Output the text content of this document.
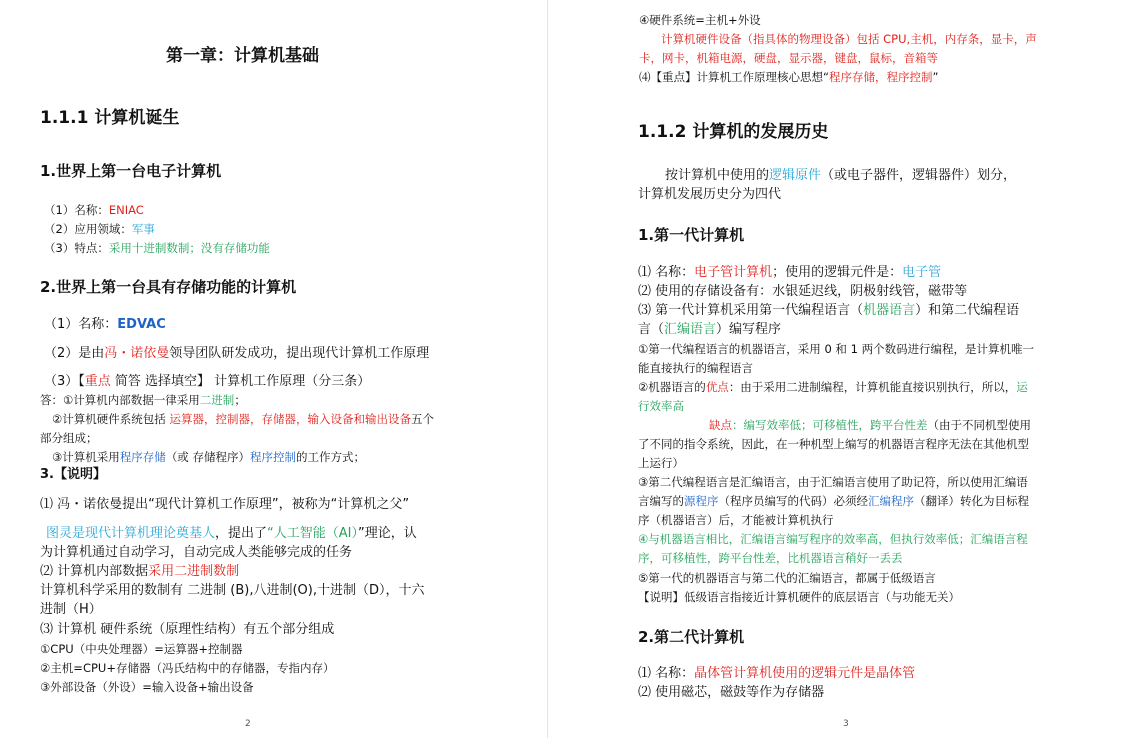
第一章：计算机基础
1.1.1 计算机诞生
1.世界上第一台电子计算机
（1）名称：ENIAC
（2）应用领域：军事
（3）特点：采用十进制数制；没有存储功能
2.世界上第一台具有存储功能的计算机
（1）名称：EDVAC
（2）是由冯・诺依曼领导团队研发成功，提出现代计算机工作原理
（3）【重点 简答 选择填空】 计算机工作原理（分三条）
答：①计算机内部数据一律采用二进制；
②计算机硬件系统包括 运算器，控制器，存储器，输入设备和输出设备五个
部分组成；
③计算机采用程序存储（或 存储程序）程序控制的工作方式；
3.【说明】
⑴ 冯・诺依曼提出“现代计算机工作原理”，被称为“计算机之父”
图灵是现代计算机理论奠基人，提出了“人工智能（AI）”理论，认
为计算机通过自动学习，自动完成人类能够完成的任务
⑵ 计算机内部数据采用二进制数制
计算机科学采用的数制有 二进制 (B),八进制(O),十进制（D），十六
进制（H）
⑶ 计算机 硬件系统（原理性结构）有五个部分组成
①CPU（中央处理器）=运算器+控制器
②主机=CPU+存储器（冯氏结构中的存储器，专指内存）
③外部设备（外设）=输入设备+输出设备
2
④硬件系统=主机+外设
计算机硬件设备（指具体的物理设备）包括 CPU,主机，内存条，显卡，声
卡，网卡，机箱电源，硬盘，显示器，键盘，鼠标，音箱等
⑷【重点】计算机工作原理核心思想“程序存储，程序控制”
1.1.2 计算机的发展历史
按计算机中使用的逻辑原件（或电子器件，逻辑器件）划分，
计算机发展历史分为四代
1.第一代计算机
⑴ 名称：电子管计算机；使用的逻辑元件是：电子管
⑵ 使用的存储设备有：水银延迟线，阴极射线管，磁带等
⑶ 第一代计算机采用第一代编程语言（机器语言）和第二代编程语
言（汇编语言）编写程序
①第一代编程语言的机器语言，采用 0 和 1 两个数码进行编程，是计算机唯一
能直接执行的编程语言
②机器语言的优点：由于采用二进制编程，计算机能直接识别执行，所以，运
行效率高
缺点：编写效率低；可移植性，跨平台性差（由于不同机型使用
了不同的指令系统，因此，在一种机型上编写的机器语言程序无法在其他机型
上运行）
③第二代编程语言是汇编语言，由于汇编语言使用了助记符，所以使用汇编语
言编写的源程序（程序员编写的代码）必须经汇编程序（翻译）转化为目标程
序（机器语言）后，才能被计算机执行
④与机器语言相比，汇编语言编写程序的效率高，但执行效率低；汇编语言程
序，可移植性，跨平台性差，比机器语言稍好一丢丢
⑤第一代的机器语言与第二代的汇编语言，都属于低级语言
【说明】低级语言指接近计算机硬件的底层语言（与功能无关）
2.第二代计算机
⑴ 名称：晶体管计算机使用的逻辑元件是晶体管
⑵ 使用磁芯，磁鼓等作为存储器
3
